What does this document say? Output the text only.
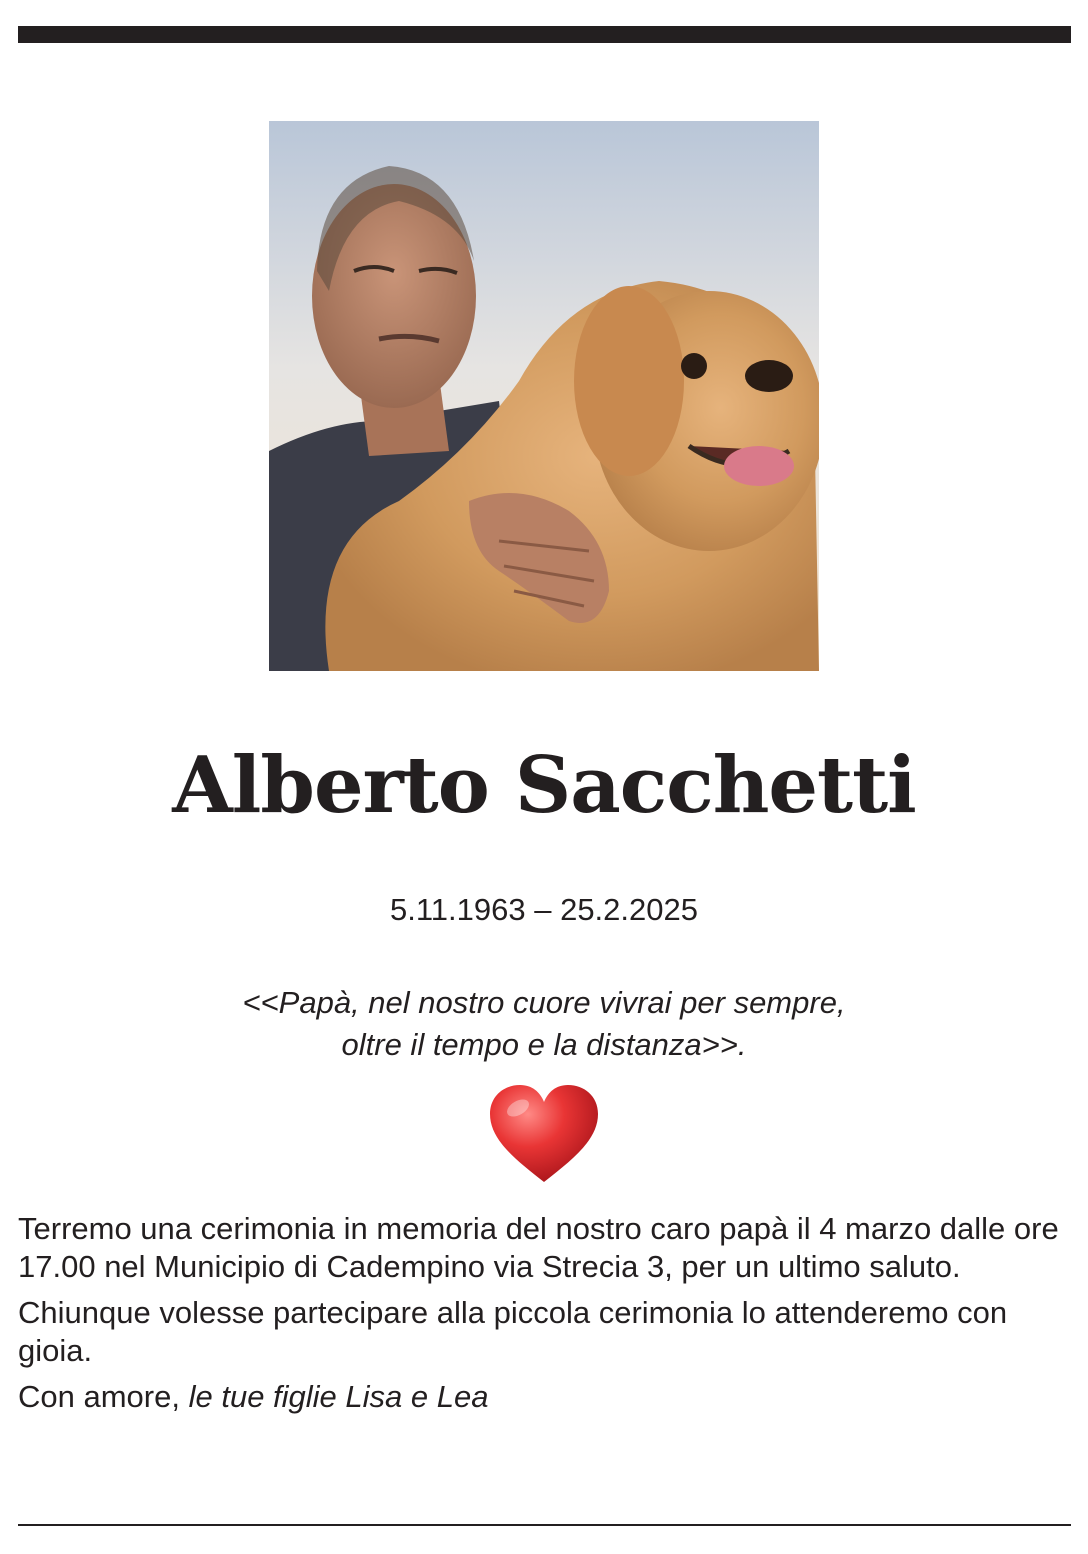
Alberto Sacchetti
5.11.1963 – 25.2.2025
<<Papà, nel nostro cuore vivrai per sempre,
oltre il tempo e la distanza>>.

Terremo una cerimonia in memoria del nostro caro papà il 4 marzo dalle ore 17.00 nel Municipio di Cadempino via Strecia 3, per un ultimo saluto.

Chiunque volesse partecipare alla piccola cerimonia lo attenderemo con gioia.

Con amore, le tue figlie Lisa e Lea
